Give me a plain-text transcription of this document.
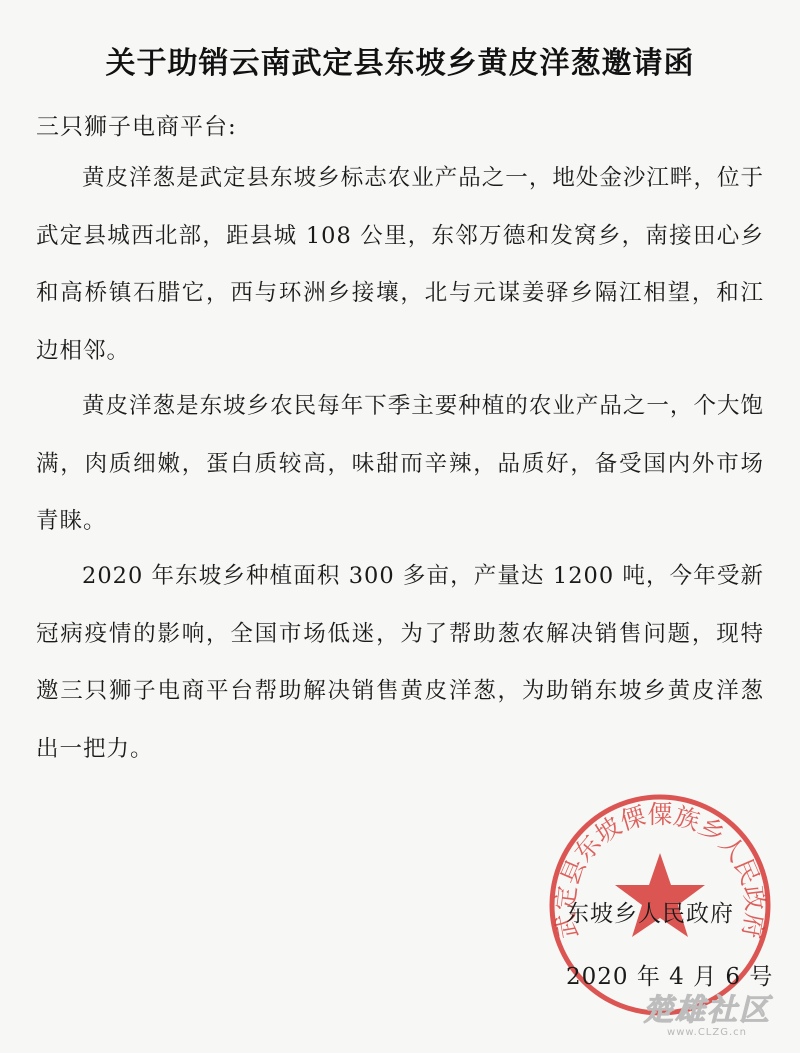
关于助销云南武定县东坡乡黄皮洋葱邀请函
三只狮子电商平台:

黄皮洋葱是武定县东坡乡标志农业产品之一，地处金沙江畔，位于武定县城西北部，距县城 108 公里，东邻万德和发窝乡，南接田心乡和高桥镇石腊它，西与环洲乡接壤，北与元谋姜驿乡隔江相望，和江边相邻。

黄皮洋葱是东坡乡农民每年下季主要种植的农业产品之一，个大饱满，肉质细嫩，蛋白质较高，味甜而辛辣，品质好，备受国内外市场青睐。

2020 年东坡乡种植面积 300 多亩，产量达 1200 吨，今年受新冠病疫情的影响，全国市场低迷，为了帮助葱农解决销售问题，现特邀三只狮子电商平台帮助解决销售黄皮洋葱，为助销东坡乡黄皮洋葱出一把力。

武定县东坡傈僳族乡人民政府
东坡乡人民政府
2020 年 4 月 6 号
楚雄社区
www.CLZG.cn
